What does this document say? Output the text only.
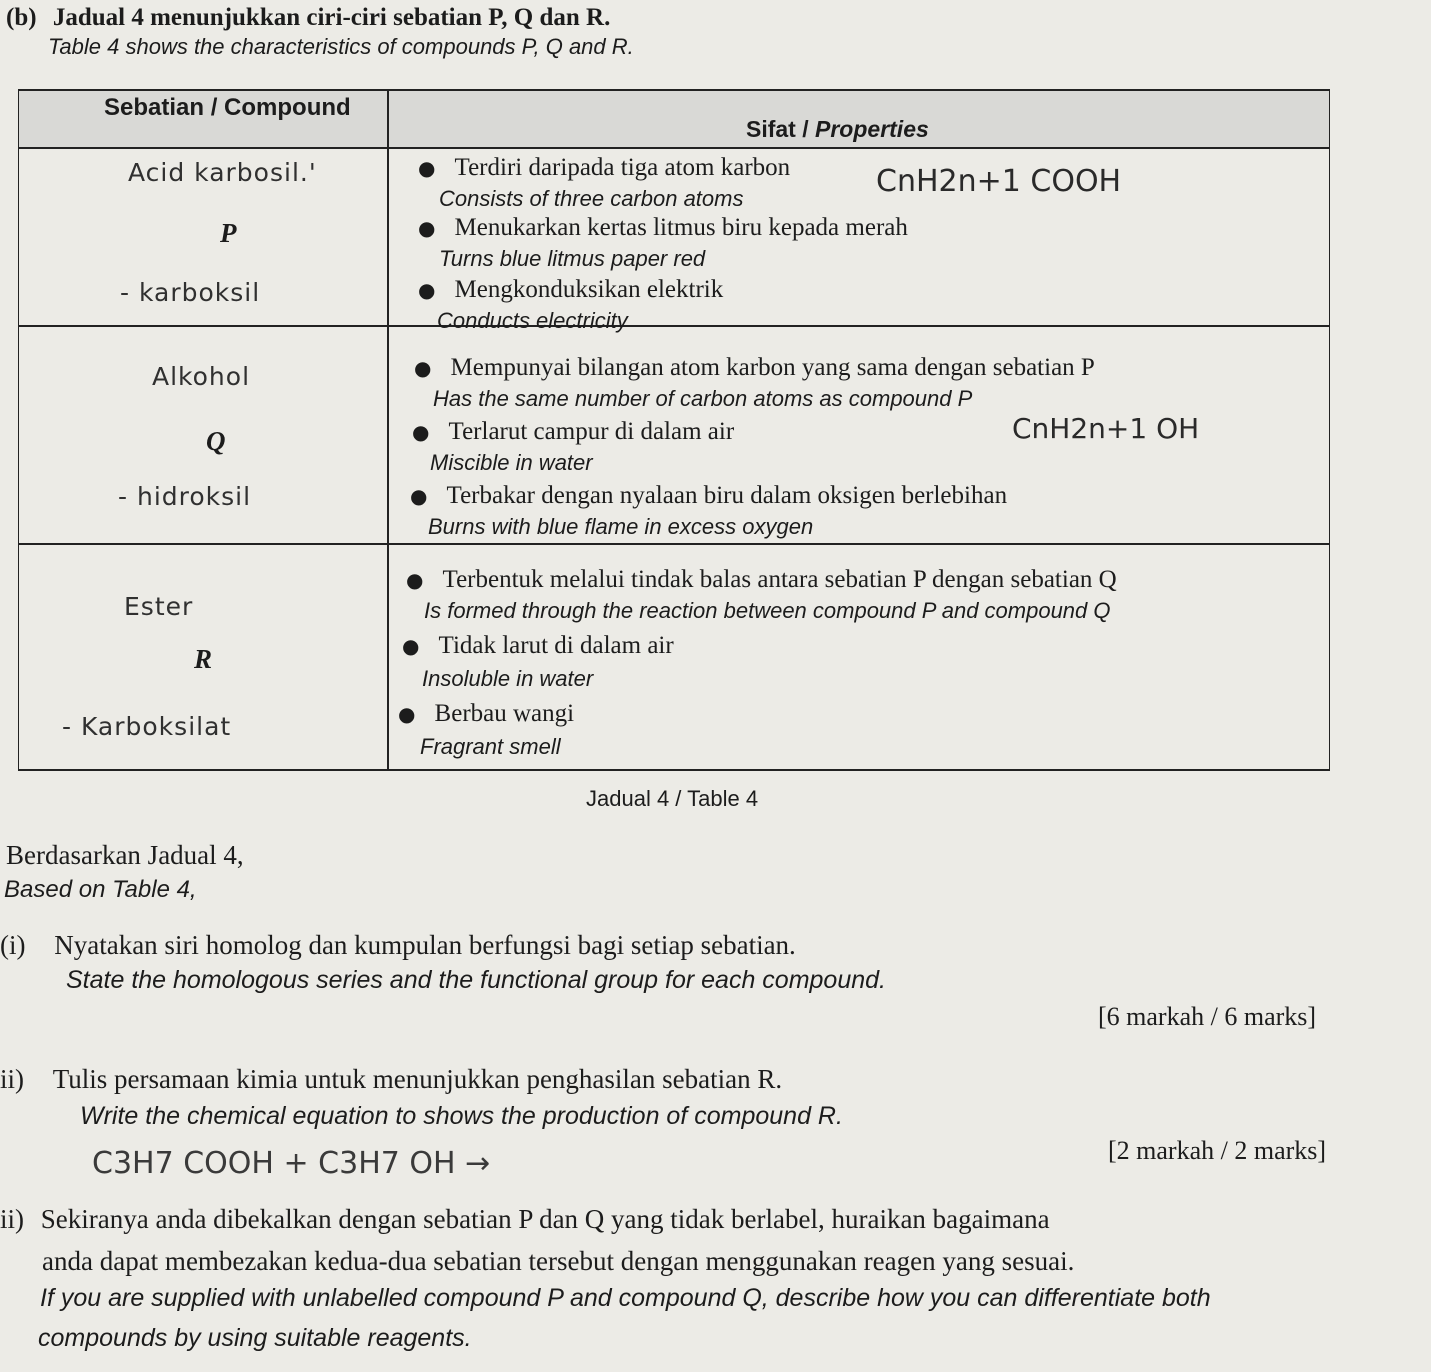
(b) Jadual 4 menunjukkan ciri-ciri sebatian P, Q dan R.
Table 4 shows the characteristics of compounds P, Q and R.
Sebatian / Compound
Sifat / Properties
Acid karbosil.'
P
- karboksil
● Terdiri daripada tiga atom karbon
Consists of three carbon atoms	CnH2n+1 COOH
● Menukarkan kertas litmus biru kepada merah
Turns blue litmus paper red
● Mengkonduksikan elektrik
Conducts electricity
Alkohol
Q
- hidroksil
● Mempunyai bilangan atom karbon yang sama dengan sebatian P
Has the same number of carbon atoms as compound P
● Terlarut campur di dalam air
Miscible in water
CnH2n+1 OH
● Terbakar dengan nyalaan biru dalam oksigen berlebihan
Burns with blue flame in excess oxygen
Ester
R
- Karboksilat
● Terbentuk melalui tindak balas antara sebatian P dengan sebatian Q
Is formed through the reaction between compound P and compound Q
● Tidak larut di dalam air
Insoluble in water
● Berbau wangi
Fragrant smell
Jadual 4 / Table 4
Berdasarkan Jadual 4,
Based on Table 4,
(i) Nyatakan siri homolog dan kumpulan berfungsi bagi setiap sebatian.
State the homologous series and the functional group for each compound.
[6 markah / 6 marks]
ii) Tulis persamaan kimia untuk menunjukkan penghasilan sebatian R.
Write the chemical equation to shows the production of compound R.
C3H7 COOH + C3H7 OH →	[2 markah / 2 marks]
ii) Sekiranya anda dibekalkan dengan sebatian P dan Q yang tidak berlabel, huraikan bagaimana
anda dapat membezakan kedua-dua sebatian tersebut dengan menggunakan reagen yang sesuai.
If you are supplied with unlabelled compound P and compound Q, describe how you can differentiate both
compounds by using suitable reagents.
